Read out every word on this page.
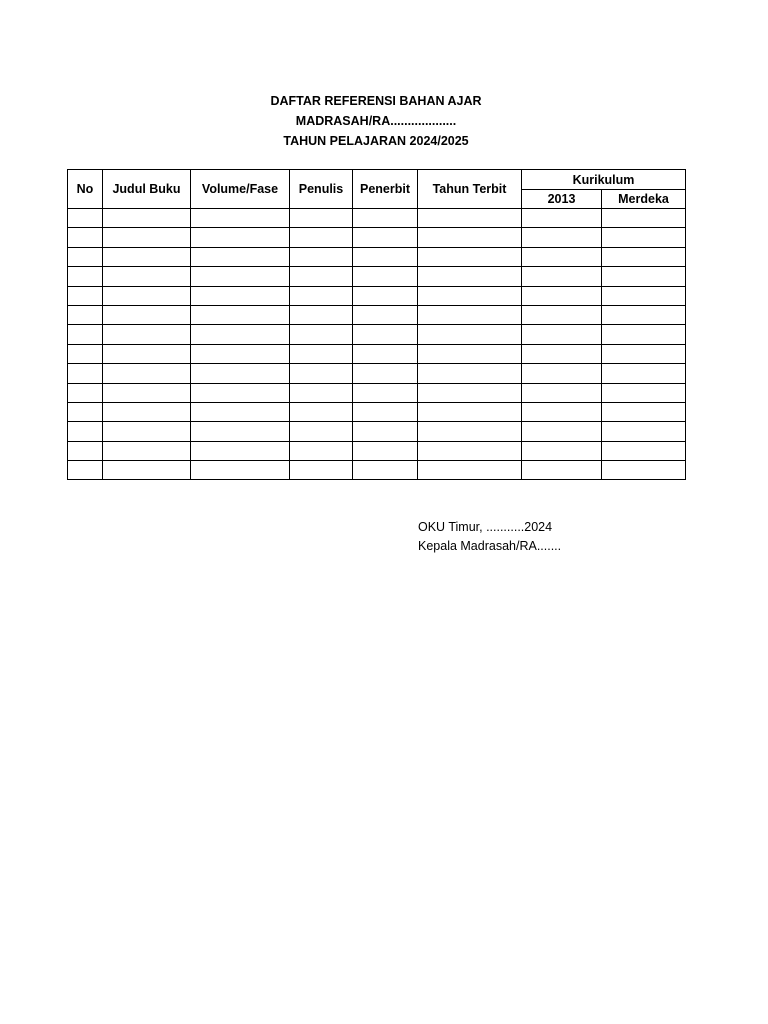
DAFTAR REFERENSI BAHAN AJAR
MADRASAH/RA...................
TAHUN PELAJARAN 2024/2025
No	Judul Buku	Volume/Fase	Penulis	Penerbit	Tahun Terbit	Kurikulum	
						2013	Merdeka

OKU Timur, ...........2024
Kepala Madrasah/RA.......
